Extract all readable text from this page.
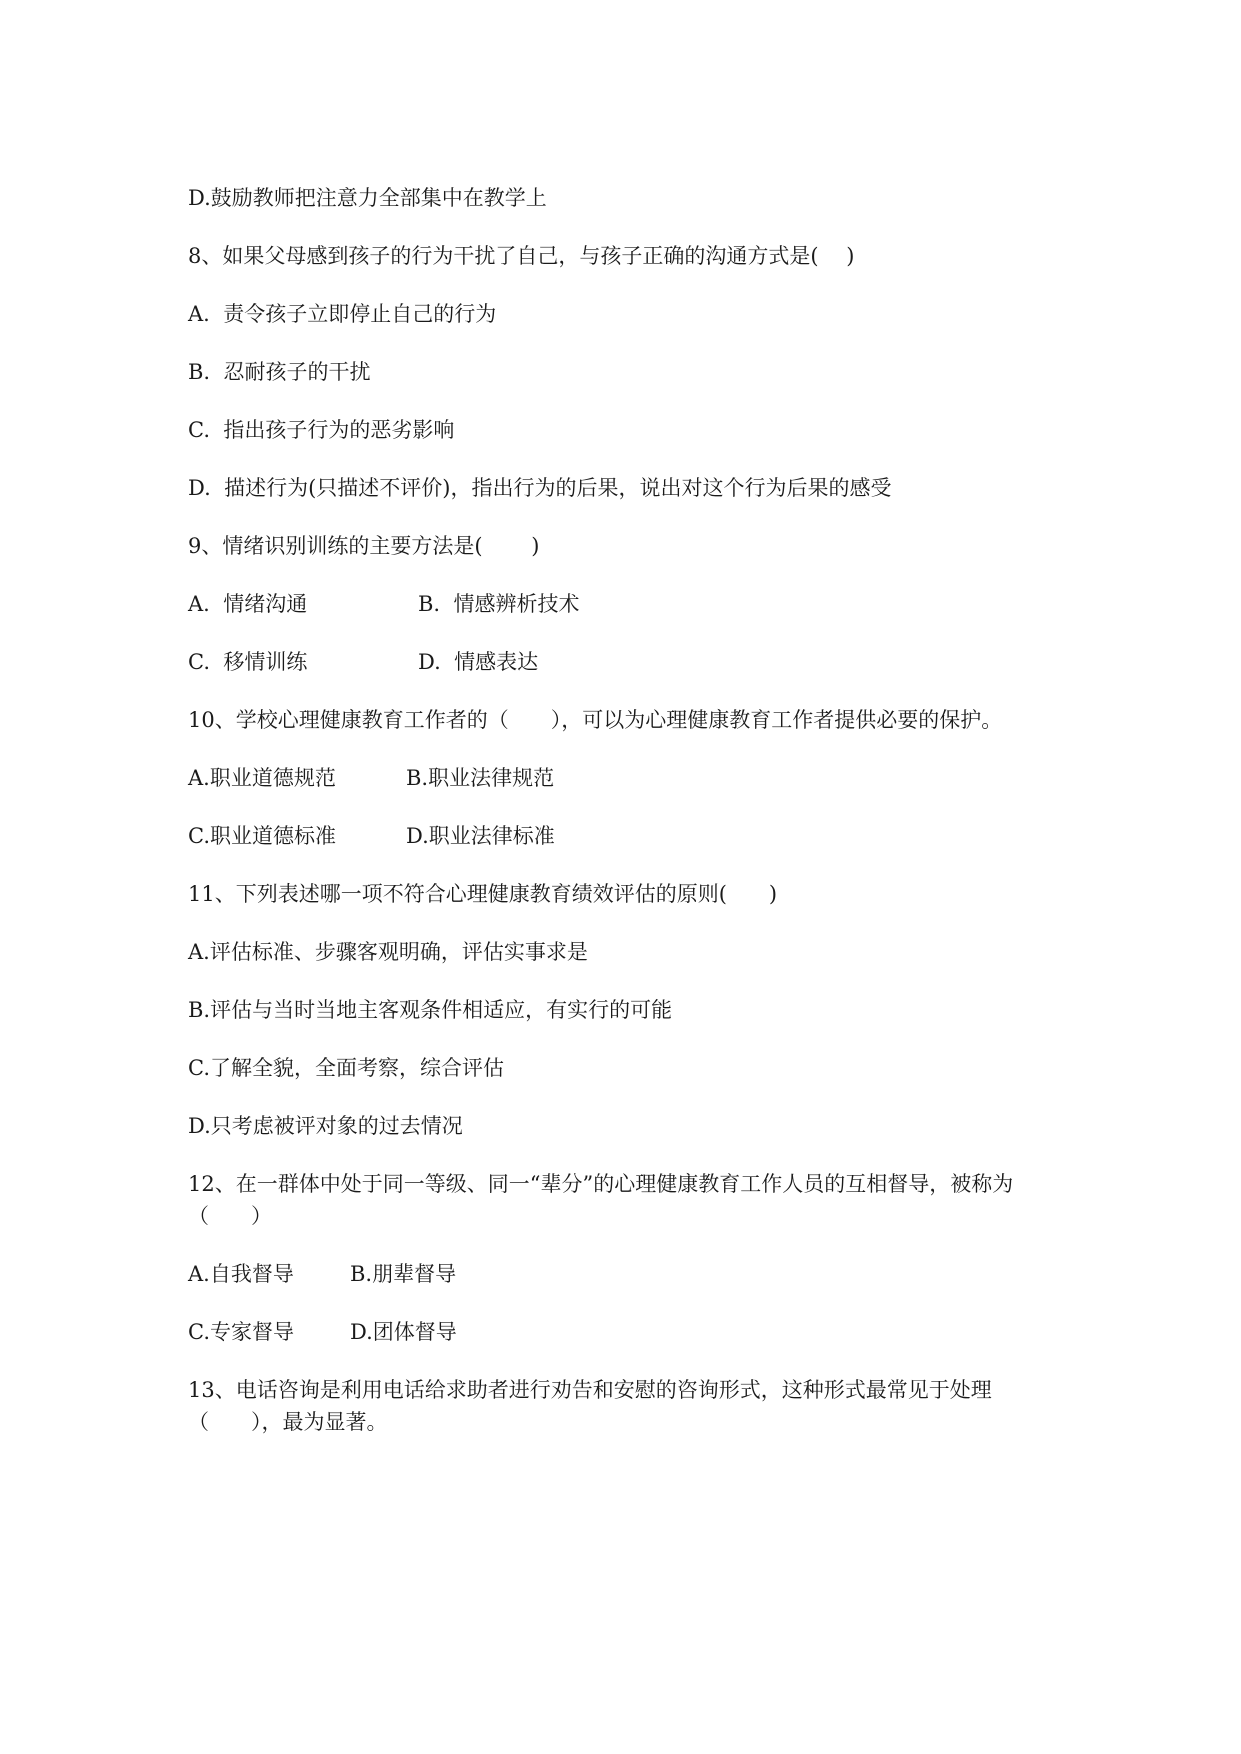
D.鼓励教师把注意力全部集中在教学上
8、如果父母感到孩子的行为干扰了自己，与孩子正确的沟通方式是(　 )
A.  责令孩子立即停止自己的行为
B.  忍耐孩子的干扰
C.  指出孩子行为的恶劣影响
D.  描述行为(只描述不评价)，指出行为的后果，说出对这个行为后果的感受
9、情绪识别训练的主要方法是(　　 )
A.  情绪沟通	B.  情感辨析技术
C.  移情训练	D.  情感表达
10、学校心理健康教育工作者的（　　），可以为心理健康教育工作者提供必要的保护。
A.职业道德规范	B.职业法律规范
C.职业道德标准	D.职业法律标准
11、下列表述哪一项不符合心理健康教育绩效评估的原则(　　)
A.评估标准、步骤客观明确，评估实事求是
B.评估与当时当地主客观条件相适应，有实行的可能
C.了解全貌，全面考察，综合评估
D.只考虑被评对象的过去情况
12、在一群体中处于同一等级、同一“辈分”的心理健康教育工作人员的互相督导，被称为
（　　）
A.自我督导	B.朋辈督导
C.专家督导	D.团体督导
13、电话咨询是利用电话给求助者进行劝告和安慰的咨询形式，这种形式最常见于处理
（　　），最为显著。
